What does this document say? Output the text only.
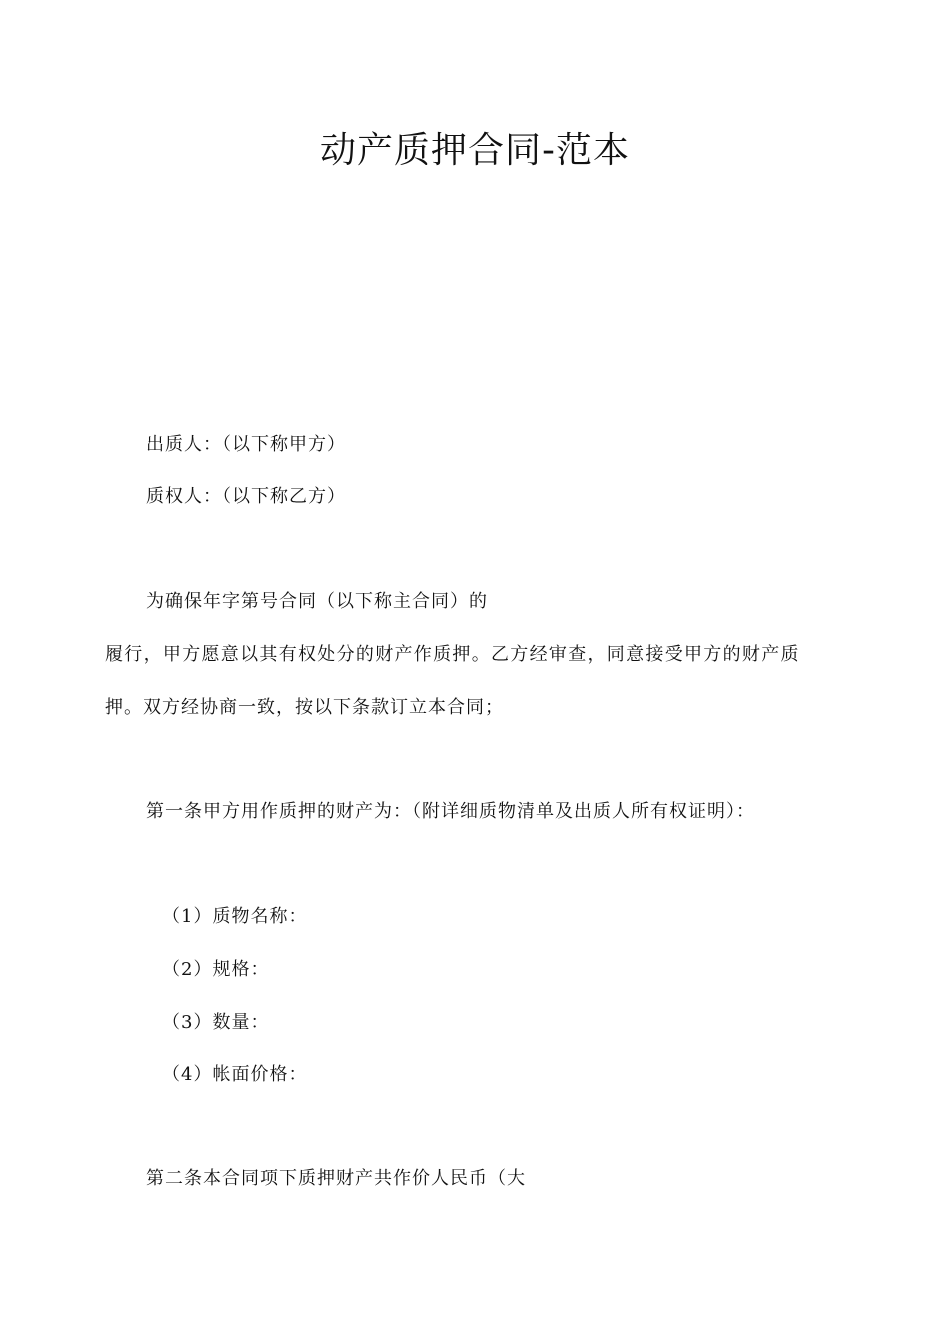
动产质押合同-范本
出质人：（以下称甲方）
质权人：（以下称乙方）
为确保年字第号合同（以下称主合同）的
履行，甲方愿意以其有权处分的财产作质押。乙方经审查，同意接受甲方的财产质
押。双方经协商一致，按以下条款订立本合同；
第一条甲方用作质押的财产为：（附详细质物清单及出质人所有权证明）：
（1）质物名称：
（2）规格：
（3）数量：
（4）帐面价格：
第二条本合同项下质押财产共作价人民币（大
